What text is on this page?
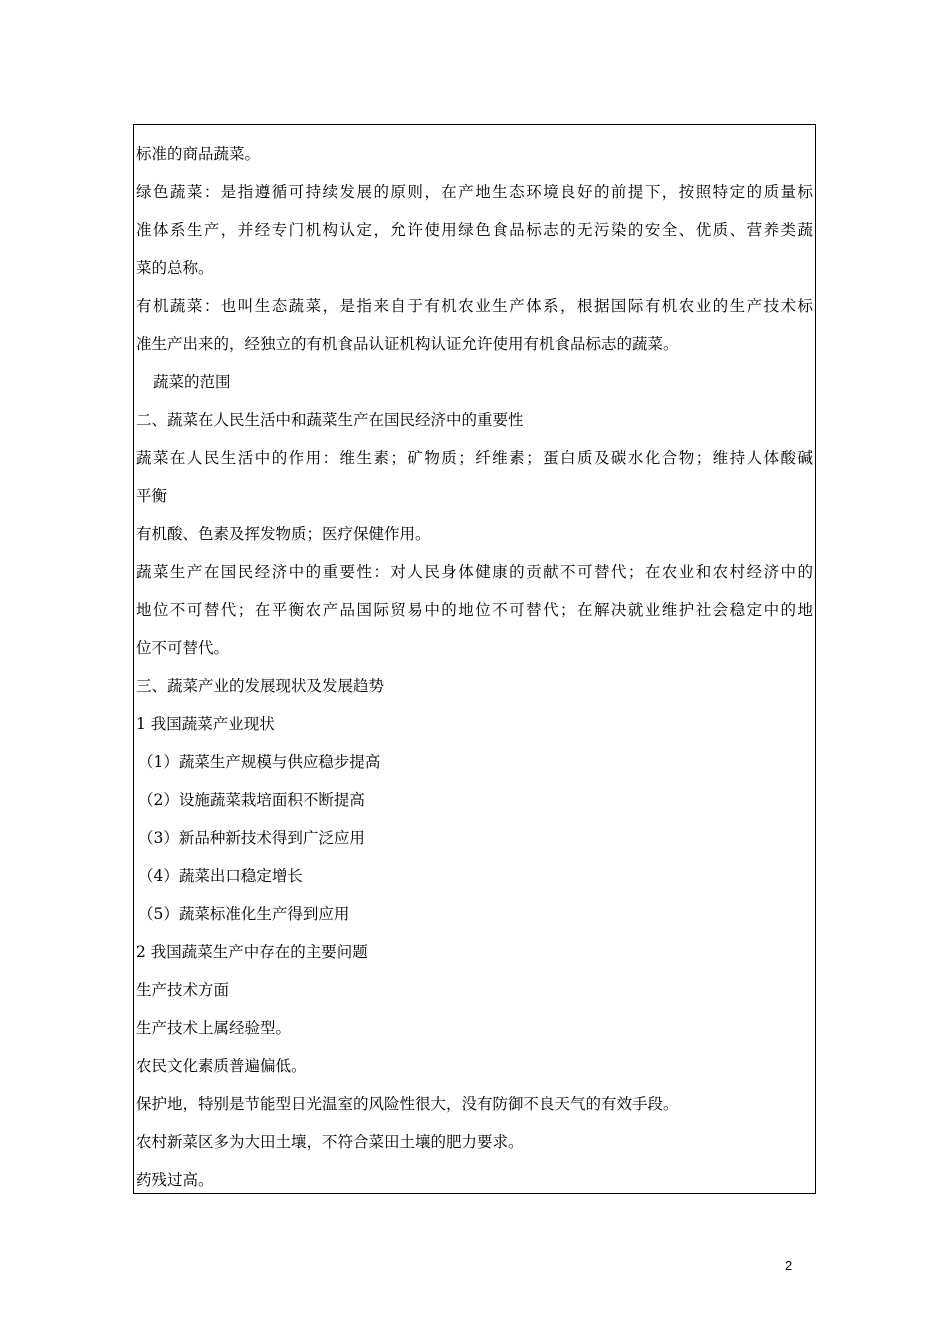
标准的商品蔬菜。
绿色蔬菜：是指遵循可持续发展的原则，在产地生态环境良好的前提下，按照特定的质量标
准体系生产，并经专门机构认定，允许使用绿色食品标志的无污染的安全、优质、营养类蔬
菜的总称。
有机蔬菜：也叫生态蔬菜，是指来自于有机农业生产体系，根据国际有机农业的生产技术标
准生产出来的，经独立的有机食品认证机构认证允许使用有机食品标志的蔬菜。
蔬菜的范围
二、蔬菜在人民生活中和蔬菜生产在国民经济中的重要性
蔬菜在人民生活中的作用：维生素；矿物质；纤维素；蛋白质及碳水化合物；维持人体酸碱
平衡
有机酸、色素及挥发物质；医疗保健作用。
蔬菜生产在国民经济中的重要性：对人民身体健康的贡献不可替代；在农业和农村经济中的
地位不可替代；在平衡农产品国际贸易中的地位不可替代；在解决就业维护社会稳定中的地
位不可替代。
三、蔬菜产业的发展现状及发展趋势
1 我国蔬菜产业现状
（1）蔬菜生产规模与供应稳步提高
（2）设施蔬菜栽培面积不断提高
（3）新品种新技术得到广泛应用
（4）蔬菜出口稳定增长
（5）蔬菜标准化生产得到应用
2 我国蔬菜生产中存在的主要问题
生产技术方面
生产技术上属经验型。
农民文化素质普遍偏低。
保护地，特别是节能型日光温室的风险性很大，没有防御不良天气的有效手段。
农村新菜区多为大田土壤，不符合菜田土壤的肥力要求。
药残过高。
2
